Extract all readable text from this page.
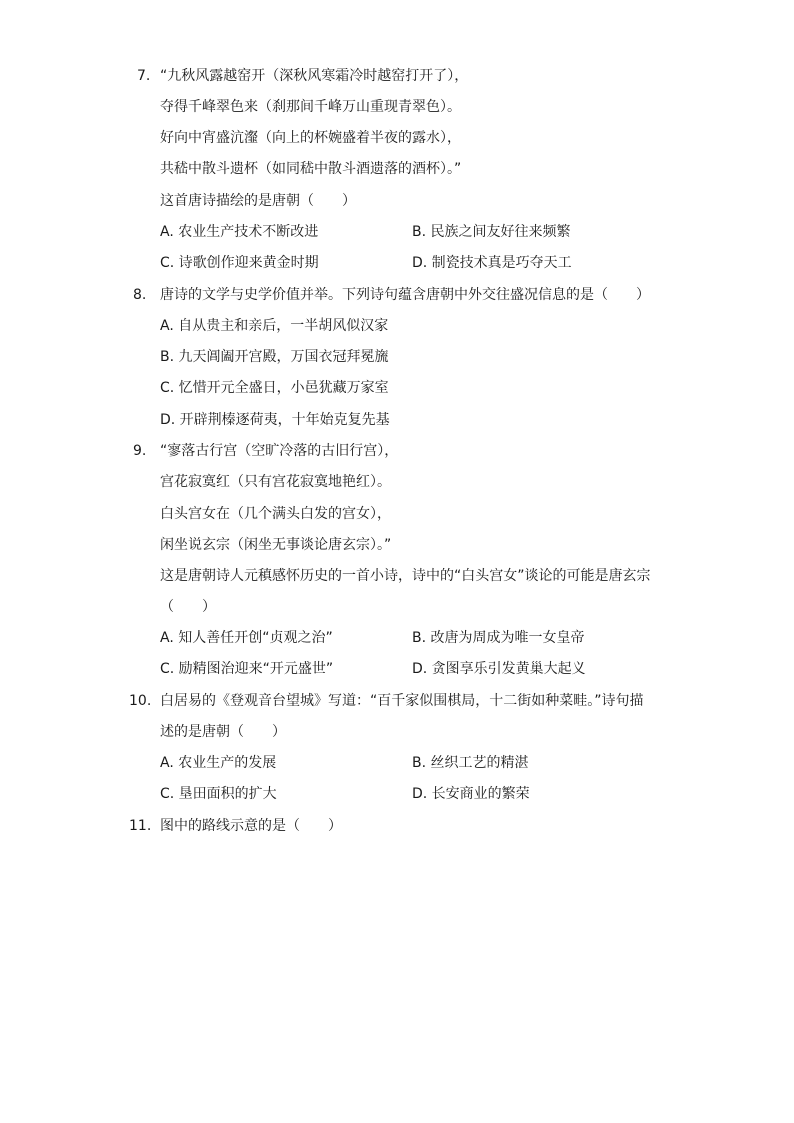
7. “九秋风露越窑开（深秋风寒霜冷时越窑打开了），
夺得千峰翠色来（刹那间千峰万山重现青翠色）。
好向中宵盛沆瀣（向上的杯婉盛着半夜的露水），
共嵇中散斗遗杯（如同嵇中散斗酒遗落的酒杯）。”
这首唐诗描绘的是唐朝（　　）
A. 农业生产技术不断改进	B. 民族之间友好往来频繁
C. 诗歌创作迎来黄金时期	D. 制瓷技术真是巧夺天工
8. 唐诗的文学与史学价值并举。下列诗句蕴含唐朝中外交往盛况信息的是（　　）
A. 自从贵主和亲后，一半胡风似汉家
B. 九天阊阖开宫殿，万国衣冠拜冕旒
C. 忆惜开元全盛日，小邑犹藏万家室
D. 开辟荆榛逐荷夷，十年始克复先基
9. “寥落古行宫（空旷冷落的古旧行宫），
宫花寂寞红（只有宫花寂寞地艳红）。
白头宫女在（几个满头白发的宫女），
闲坐说玄宗（闲坐无事谈论唐玄宗）。”
这是唐朝诗人元稹感怀历史的一首小诗，诗中的“白头宫女”谈论的可能是唐玄宗
（　　）
A. 知人善任开创“贞观之治”	B. 改唐为周成为唯一女皇帝
C. 励精图治迎来“开元盛世”	D. 贪图享乐引发黄巢大起义
10. 白居易的《登观音台望城》写道：“百千家似围棋局，十二街如种菜畦。”诗句描
述的是唐朝（　　）
A. 农业生产的发展	B. 丝织工艺的精湛
C. 垦田面积的扩大	D. 长安商业的繁荣
11. 图中的路线示意的是（　　）
